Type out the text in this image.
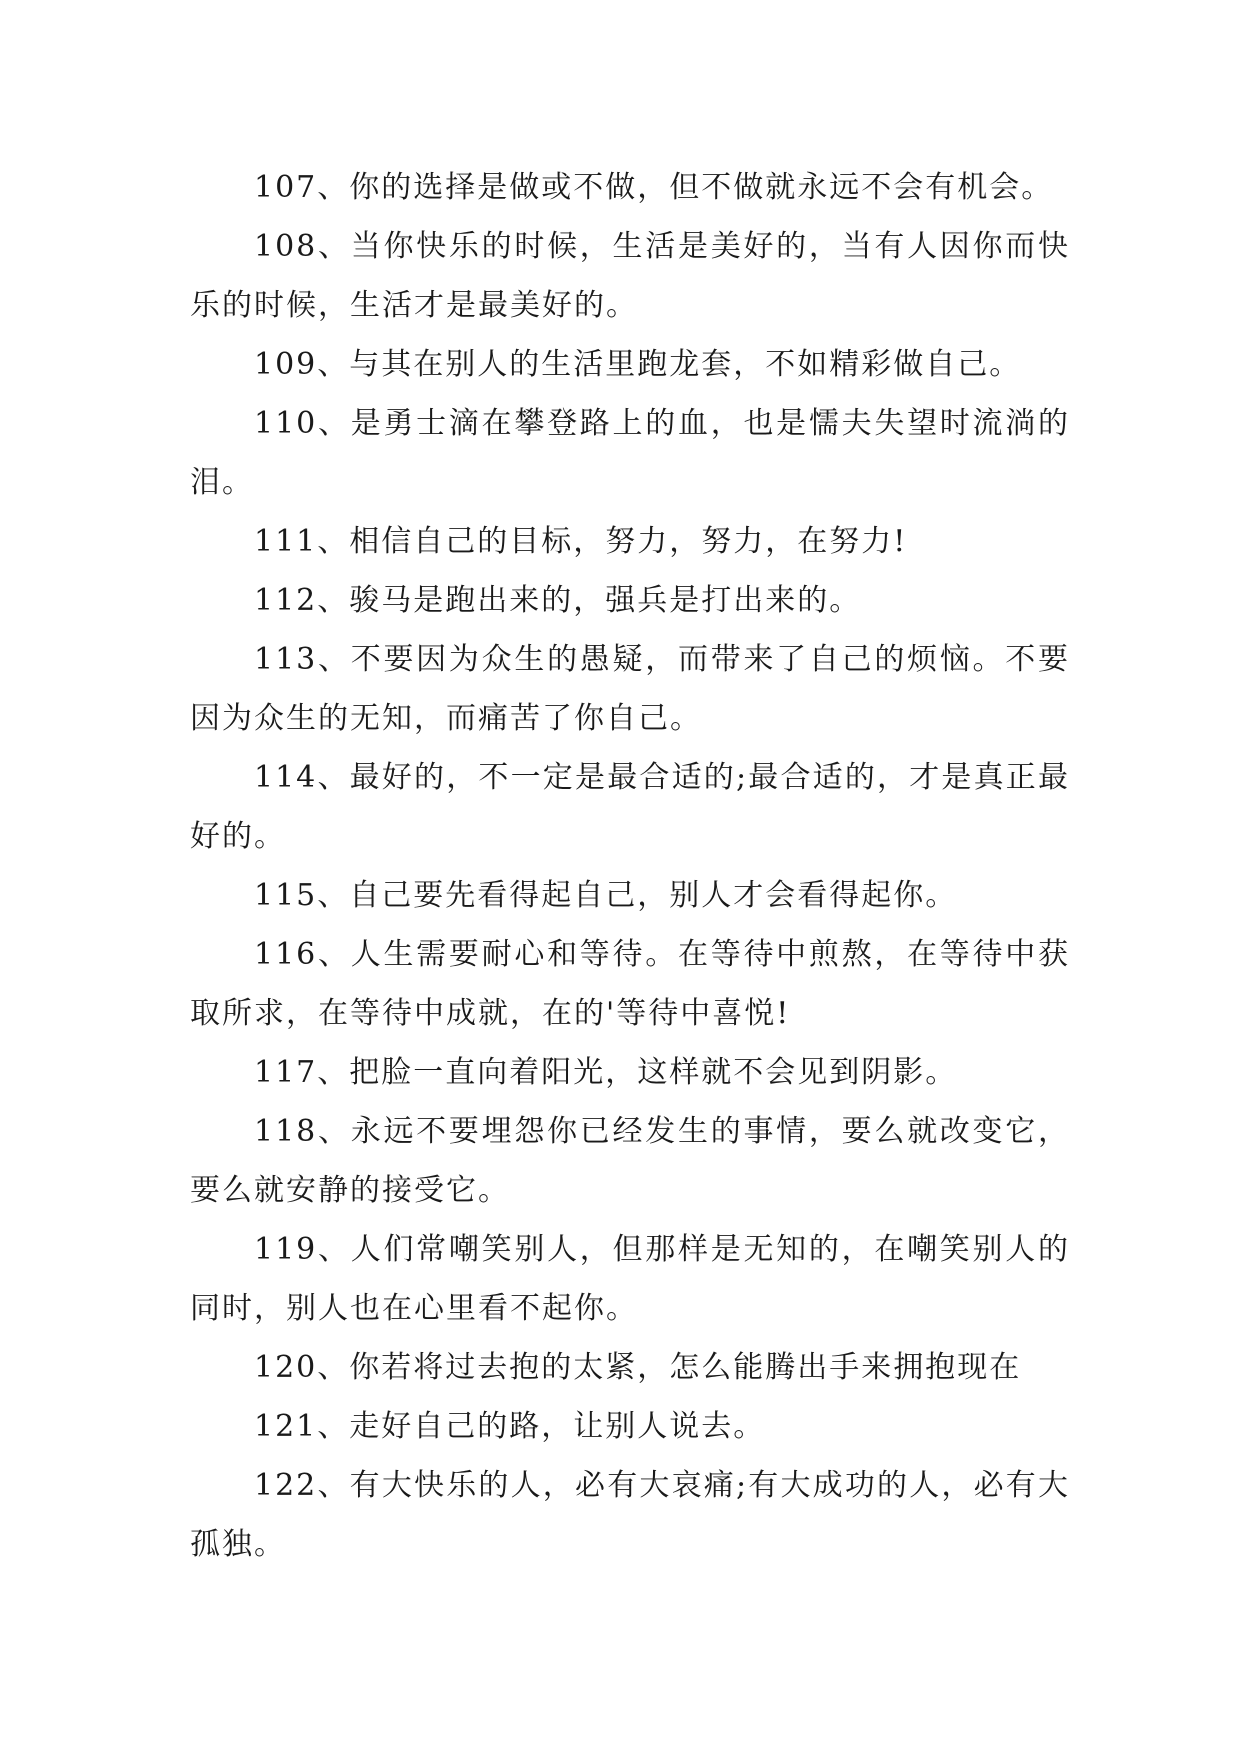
107、你的选择是做或不做，但不做就永远不会有机会。

108、当你快乐的时候，生活是美好的，当有人因你而快乐的时候，生活才是最美好的。

109、与其在别人的生活里跑龙套，不如精彩做自己。

110、是勇士滴在攀登路上的血，也是懦夫失望时流淌的泪。

111、相信自己的目标，努力，努力，在努力!

112、骏马是跑出来的，强兵是打出来的。

113、不要因为众生的愚疑，而带来了自己的烦恼。不要因为众生的无知，而痛苦了你自己。

114、最好的，不一定是最合适的;最合适的，才是真正最好的。

115、自己要先看得起自己，别人才会看得起你。

116、人生需要耐心和等待。在等待中煎熬，在等待中获取所求，在等待中成就，在的'等待中喜悦!

117、把脸一直向着阳光，这样就不会见到阴影。

118、永远不要埋怨你已经发生的事情，要么就改变它，要么就安静的接受它。

119、人们常嘲笑别人，但那样是无知的，在嘲笑别人的同时，别人也在心里看不起你。

120、你若将过去抱的太紧，怎么能腾出手来拥抱现在

121、走好自己的路，让别人说去。

122、有大快乐的人，必有大哀痛;有大成功的人，必有大孤独。
